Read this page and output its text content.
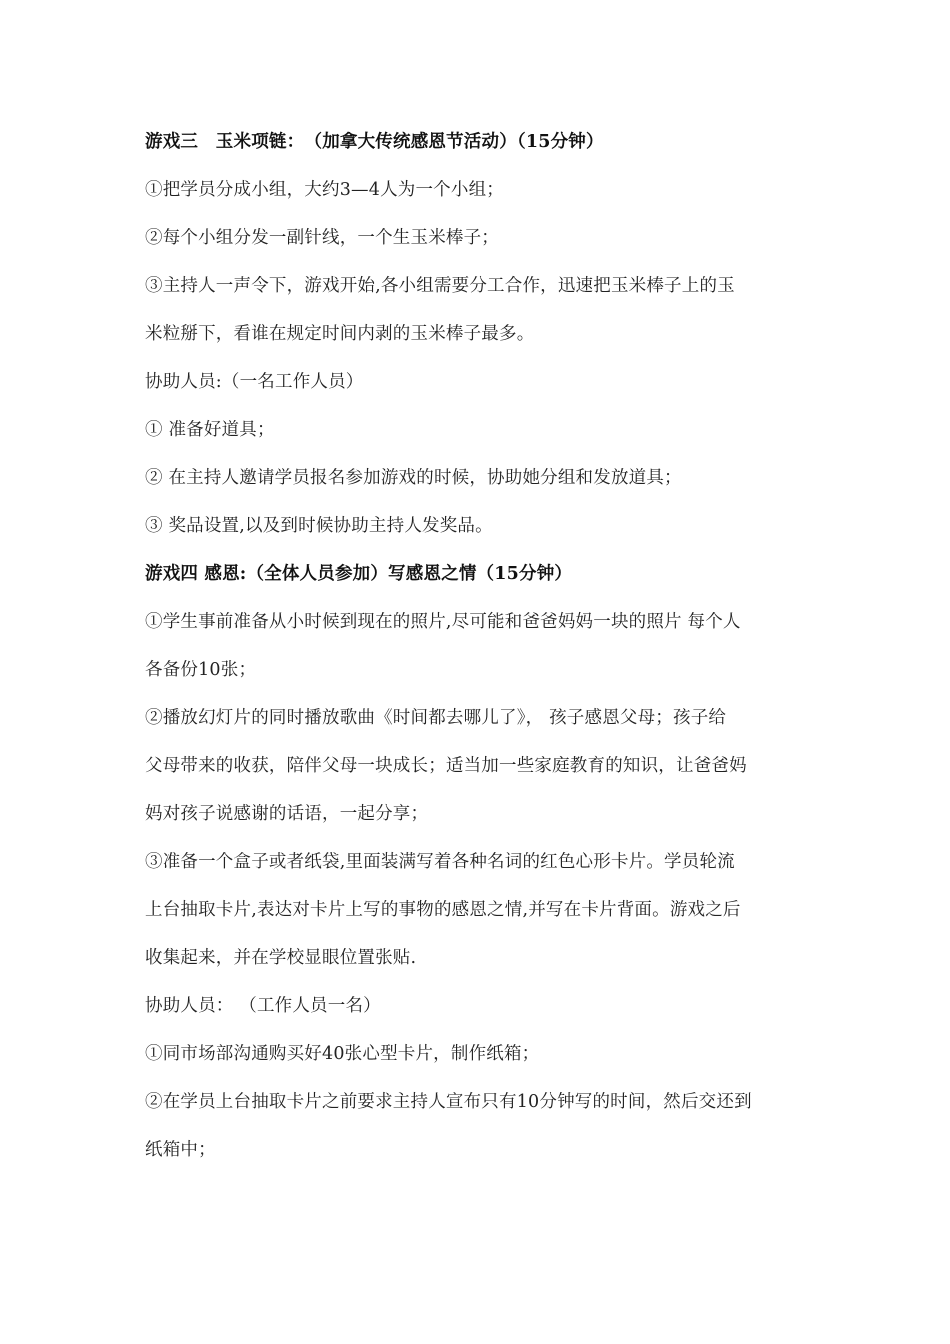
游戏三　玉米项链：　（加拿大传统感恩节活动）（15分钟）
①把学员分成小组，大约3—4人为一个小组；
②每个小组分发一副针线，一个生玉米棒子；
③主持人一声令下，游戏开始,各小组需要分工合作，迅速把玉米棒子上的玉
米粒掰下，看谁在规定时间内剥的玉米棒子最多。
协助人员:（一名工作人员）
① 准备好道具；
② 在主持人邀请学员报名参加游戏的时候，协助她分组和发放道具；
③ 奖品设置,以及到时候协助主持人发奖品。
游戏四 感恩:（全体人员参加）写感恩之情（15分钟）
①学生事前准备从小时候到现在的照片,尽可能和爸爸妈妈一块的照片 每个人
各备份10张；
②播放幻灯片的同时播放歌曲《时间都去哪儿了》， 孩子感恩父母；孩子给
父母带来的收获，陪伴父母一块成长；适当加一些家庭教育的知识，让爸爸妈
妈对孩子说感谢的话语，一起分享；
③准备一个盒子或者纸袋,里面装满写着各种名词的红色心形卡片。学员轮流
上台抽取卡片,表达对卡片上写的事物的感恩之情,并写在卡片背面。游戏之后
收集起来，并在学校显眼位置张贴.
协助人员： （工作人员一名）
①同市场部沟通购买好40张心型卡片，制作纸箱；
②在学员上台抽取卡片之前要求主持人宣布只有10分钟写的时间，然后交还到
纸箱中；
